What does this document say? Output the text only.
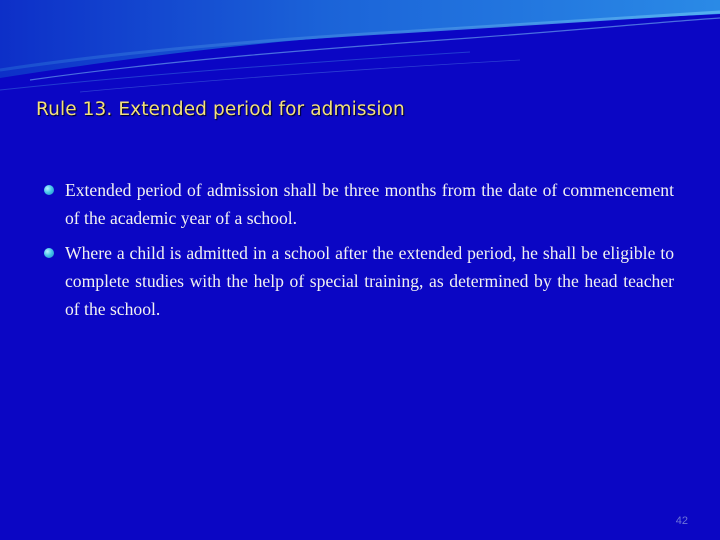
Rule 13. Extended period for admission
Extended period of admission shall be three months from the date of commencement of the academic year of a school.
Where a child is admitted in a school after the extended period, he shall be eligible to complete studies with the help of special training, as determined by the head teacher of the school.
42
